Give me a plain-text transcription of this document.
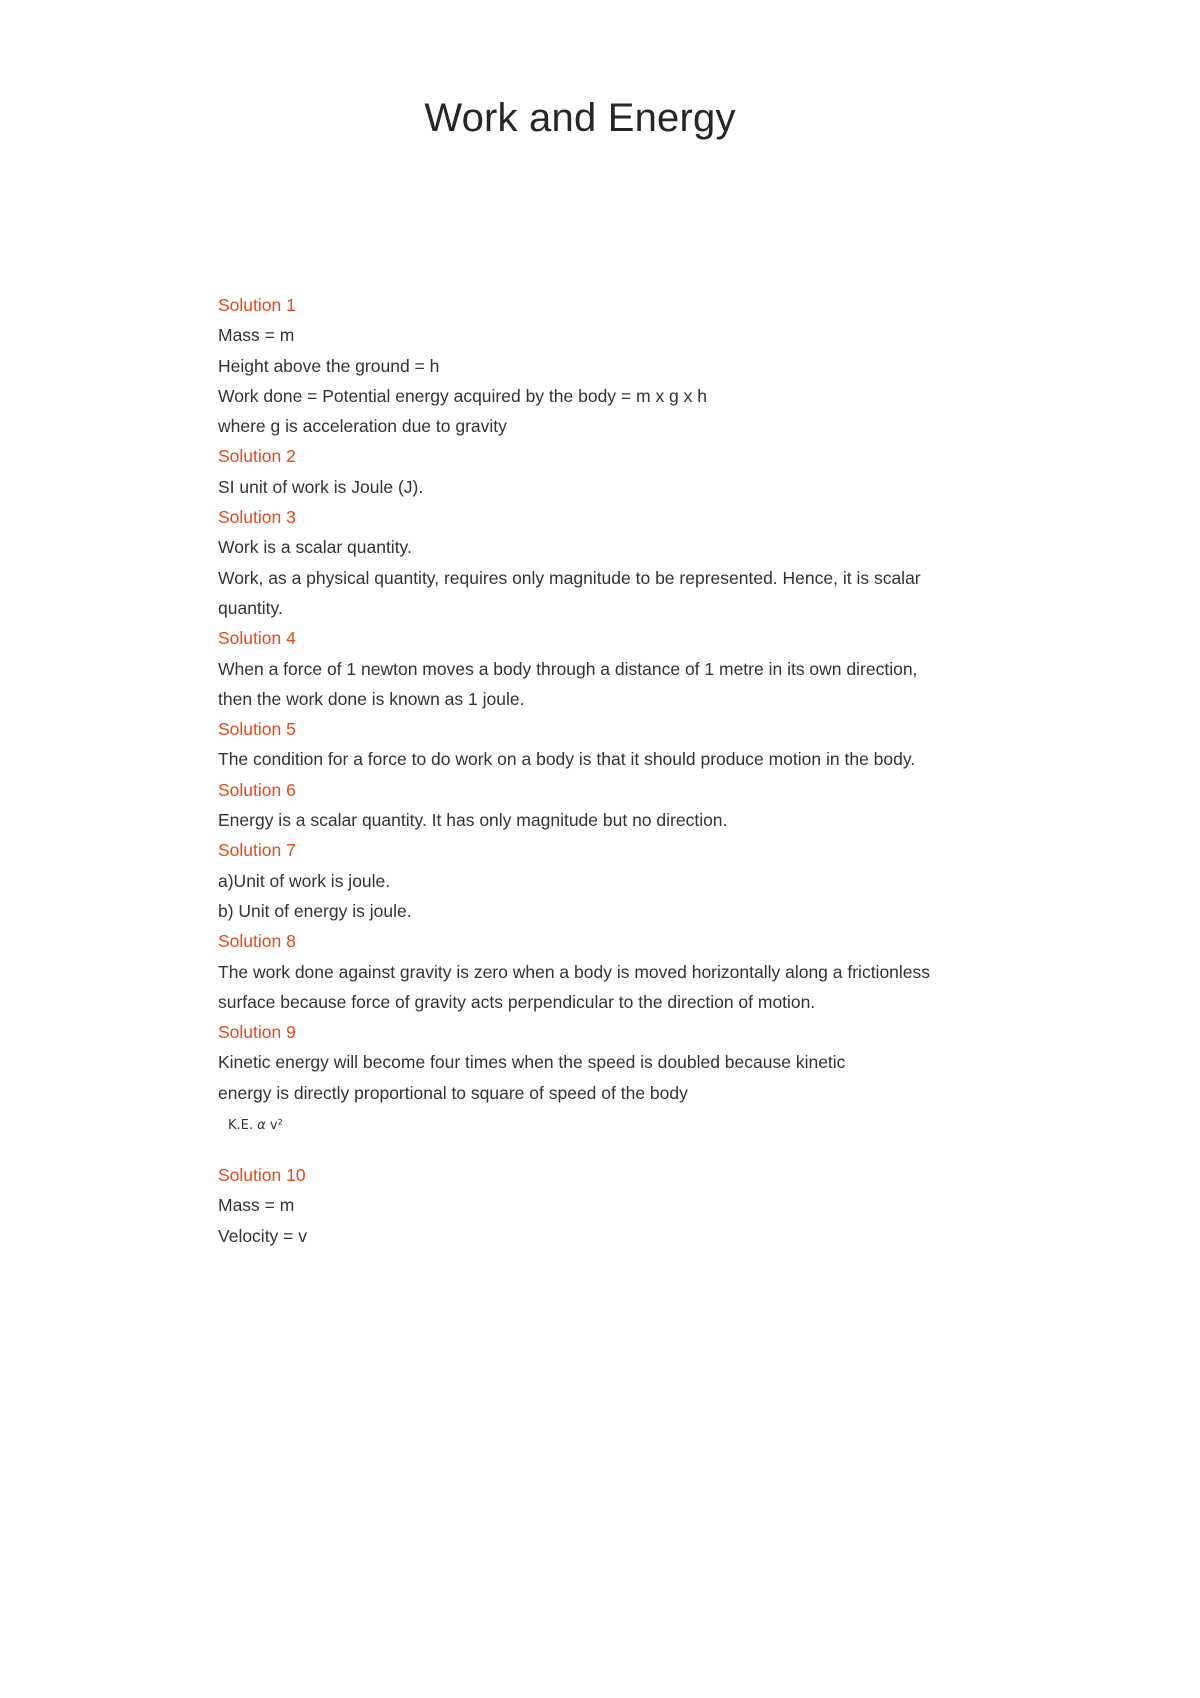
Work and Energy
Solution 1
Mass = m
Height above the ground = h
Work done = Potential energy acquired by the body = m x g x h
where g is acceleration due to gravity
Solution 2
SI unit of work is Joule (J).
Solution 3
Work is a scalar quantity.
Work, as a physical quantity, requires only magnitude to be represented. Hence, it is scalar
quantity.
Solution 4
When a force of 1 newton moves a body through a distance of 1 metre in its own direction,
then the work done is known as 1 joule.
Solution 5
The condition for a force to do work on a body is that it should produce motion in the body.
Solution 6
Energy is a scalar quantity. It has only magnitude but no direction.
Solution 7
a)Unit of work is joule.
b) Unit of energy is joule.
Solution 8
The work done against gravity is zero when a body is moved horizontally along a frictionless
surface because force of gravity acts perpendicular to the direction of motion.
Solution 9
Kinetic energy will become four times when the speed is doubled because kinetic
energy is directly proportional to square of speed of the body
K.E. α v²
Solution 10
Mass = m
Velocity = v
